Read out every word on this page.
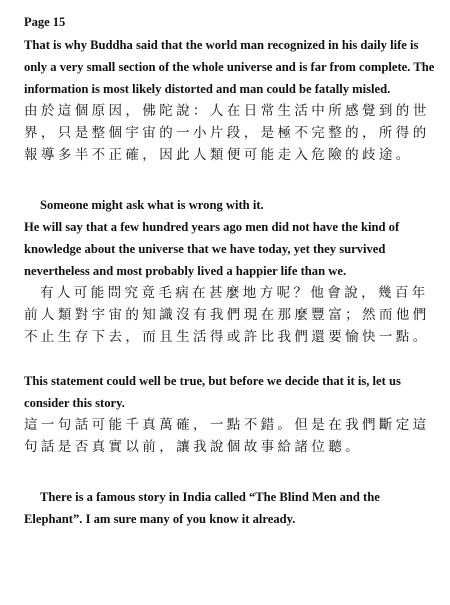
Page 15

That is why Buddha said that the world man recognized in his daily life is only a very small section of the whole universe and is far from complete. The information is most likely distorted and man could be fatally misled.

由於這個原因，佛陀說：人在日常生活中所感覺到的世界，只是整個宇宙的一小片段，是極不完整的，所得的報導多半不正確，因此人類便可能走入危險的歧途。

Someone might ask what is wrong with it.

He will say that a few hundred years ago men did not have the kind of knowledge about the universe that we have today, yet they survived nevertheless and most probably lived a happier life than we.

有人可能問究竟毛病在甚麼地方呢？他會說，幾百年前人類對宇宙的知識沒有我們現在那麼豐富；然而他們不止生存下去，而且生活得或許比我們還要愉快一點。

This statement could well be true, but before we decide that it is, let us consider this story.

這一句話可能千真萬確，一點不錯。但是在我們斷定這句話是否真實以前，讓我說個故事給諸位聽。

There is a famous story in India called “The Blind Men and the Elephant”. I am sure many of you know it already.
